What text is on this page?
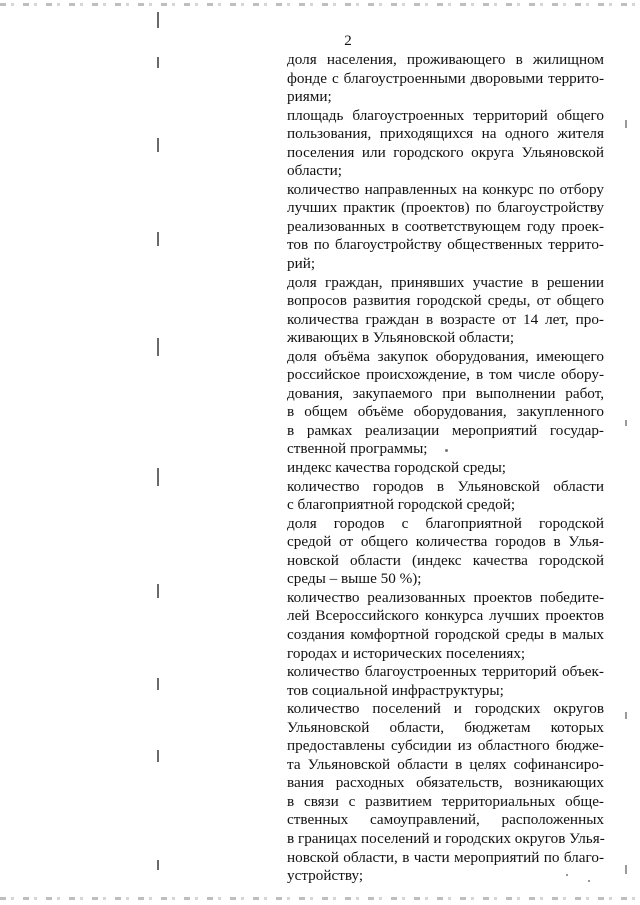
2
доля населения, проживающего в жилищном
фонде с благоустроенными дворовыми террито-
риями;
площадь благоустроенных территорий общего
пользования, приходящихся на одного жителя
поселения или городского округа Ульяновской
области;
количество направленных на конкурс по отбору
лучших практик (проектов) по благоустройству
реализованных в соответствующем году проек-
тов по благоустройству общественных террито-
рий;
доля граждан, принявших участие в решении
вопросов развития городской среды, от общего
количества граждан в возрасте от 14 лет, про-
живающих в Ульяновской области;
доля объёма закупок оборудования, имеющего
российское происхождение, в том числе обору-
дования, закупаемого при выполнении работ,
в общем объёме оборудования, закупленного
в рамках реализации мероприятий государ-
ственной программы;
индекс качества городской среды;
количество городов в Ульяновской области
с благоприятной городской средой;
доля городов с благоприятной городской
средой от общего количества городов в Улья-
новской области (индекс качества городской
среды – выше 50 %);
количество реализованных проектов победите-
лей Всероссийского конкурса лучших проектов
создания комфортной городской среды в малых
городах и исторических поселениях;
количество благоустроенных территорий объек-
тов социальной инфраструктуры;
количество поселений и городских округов
Ульяновской области, бюджетам которых
предоставлены субсидии из областного бюдже-
та Ульяновской области в целях софинансиро-
вания расходных обязательств, возникающих
в связи с развитием территориальных обще-
ственных самоуправлений, расположенных
в границах поселений и городских округов Улья-
новской области, в части мероприятий по благо-
устройству;
